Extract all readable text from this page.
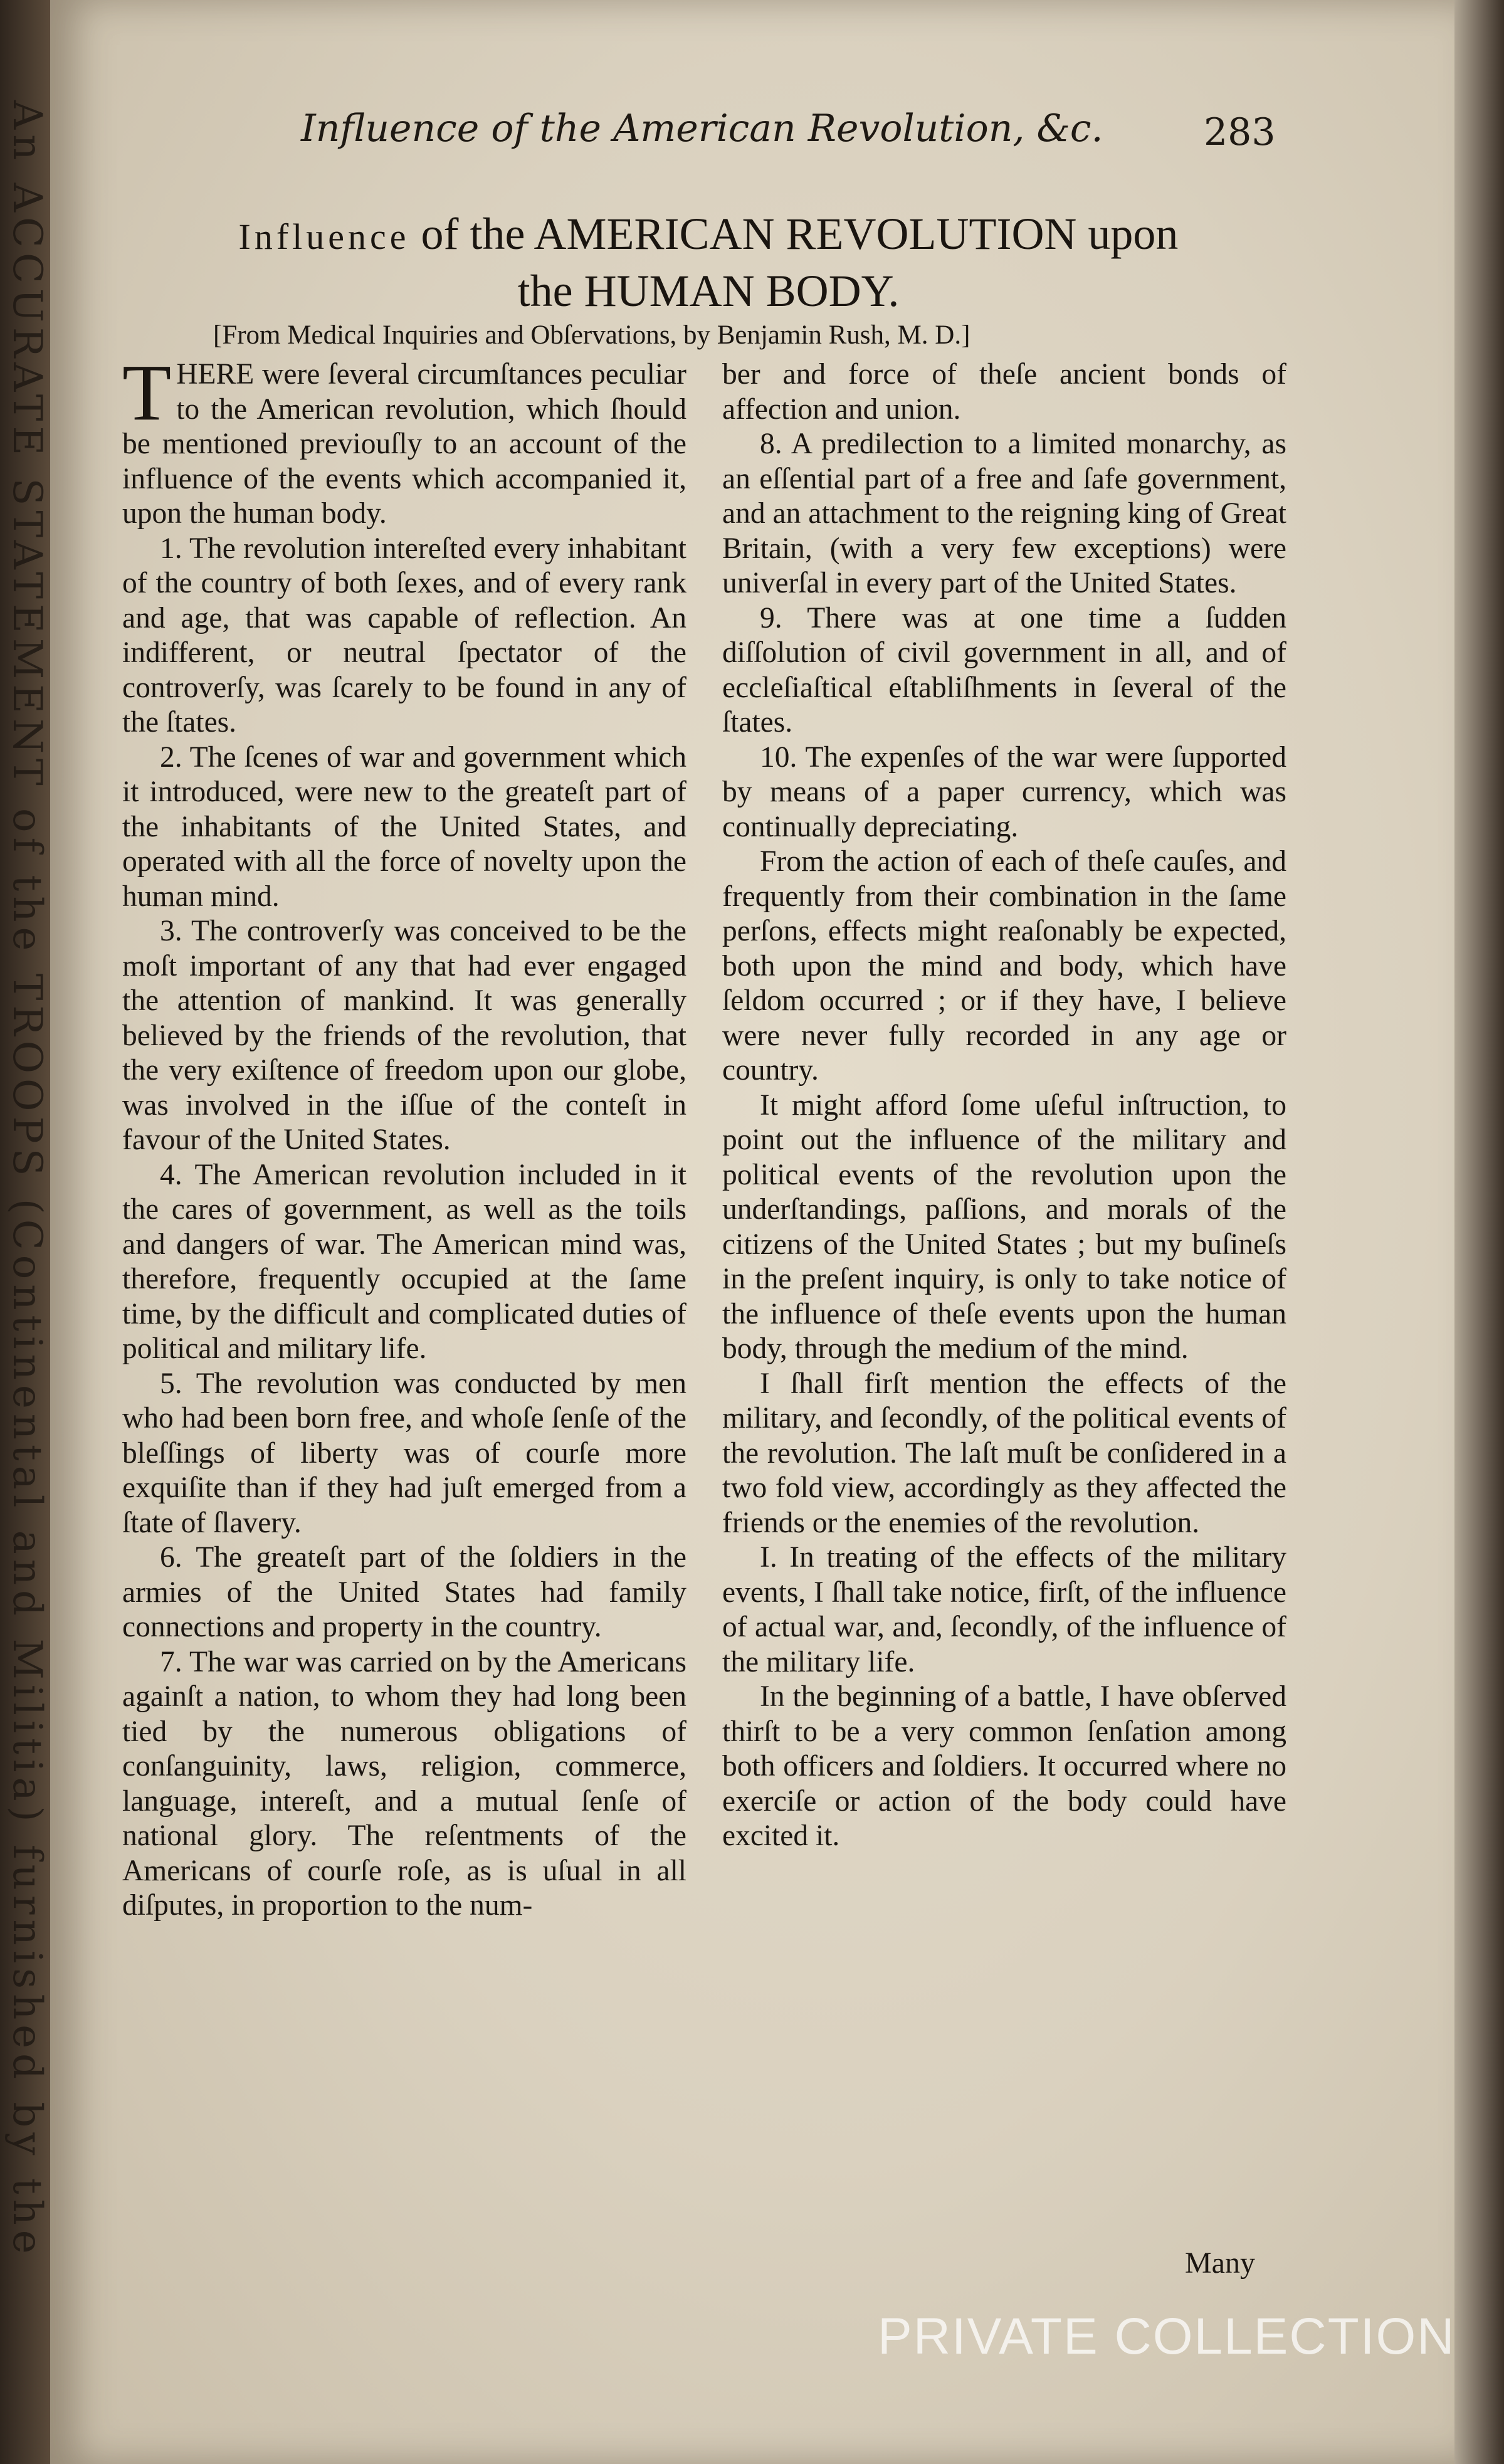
An ACCURATE STATEMENT of the TROOPS (Continental and Militia) furnished by the	Influence of the American Revolution, &c.	283
Influence of the AMERICAN REVOLUTION upon
the HUMAN BODY.
[From Medical Inquiries and Obſervations, by Benjamin Rush, M. D.]

THERE were ſeveral circumſtances peculiar to the American revolution, which ſhould be mentioned previouſly to an account of the influence of the events which accompanied it, upon the human body.

1. The revolution intereſted every inhabitant of the country of both ſexes, and of every rank and age, that was capable of reflection. An indifferent, or neutral ſpectator of the controverſy, was ſcarely to be found in any of the ſtates.

2. The ſcenes of war and government which it introduced, were new to the greateſt part of the inhabitants of the United States, and operated with all the force of novelty upon the human mind.

3. The controverſy was conceived to be the moſt important of any that had ever engaged the attention of mankind. It was generally believed by the friends of the revolution, that the very exiſtence of freedom upon our globe, was involved in the iſſue of the conteſt in favour of the United States.

4. The American revolution included in it the cares of government, as well as the toils and dangers of war. The American mind was, therefore, frequently occupied at the ſame time, by the difficult and complicated duties of political and military life.

5. The revolution was conducted by men who had been born free, and whoſe ſenſe of the bleſſings of liberty was of courſe more exquiſite than if they had juſt emerged from a ſtate of ſlavery.

6. The greateſt part of the ſoldiers in the armies of the United States had family connections and property in the country.

7. The war was carried on by the Americans againſt a nation, to whom they had long been tied by the numerous obligations of conſanguinity, laws, religion, commerce, language, intereſt, and a mutual ſenſe of national glory. The reſentments of the Americans of courſe roſe, as is uſual in all diſputes, in proportion to the num-

ber and force of theſe ancient bonds of affection and union.

8. A predilection to a limited monarchy, as an eſſential part of a free and ſafe government, and an attachment to the reigning king of Great Britain, (with a very few exceptions) were univerſal in every part of the United States.

9. There was at one time a ſudden diſſolution of civil government in all, and of eccleſiaſtical eſtabliſhments in ſeveral of the ſtates.

10. The expenſes of the war were ſupported by means of a paper currency, which was continually depreciating.

From the action of each of theſe cauſes, and frequently from their combination in the ſame perſons, effects might reaſonably be expected, both upon the mind and body, which have ſeldom occurred ; or if they have, I believe were never fully recorded in any age or country.

It might afford ſome uſeful inſtruction, to point out the influence of the military and political events of the revolution upon the underſtandings, paſſions, and morals of the citizens of the United States ; but my buſineſs in the preſent inquiry, is only to take notice of the influence of theſe events upon the human body, through the medium of the mind.

I ſhall firſt mention the effects of the military, and ſecondly, of the political events of the revolution. The laſt muſt be conſidered in a two fold view, accordingly as they affected the friends or the enemies of the revolution.

I. In treating of the effects of the military events, I ſhall take notice, firſt, of the influence of actual war, and, ſecondly, of the influence of the military life.

In the beginning of a battle, I have obſerved thirſt to be a very common ſenſation among both officers and ſoldiers. It occurred where no exerciſe or action of the body could have excited it.

Many
PRIVATE COLLECTION
